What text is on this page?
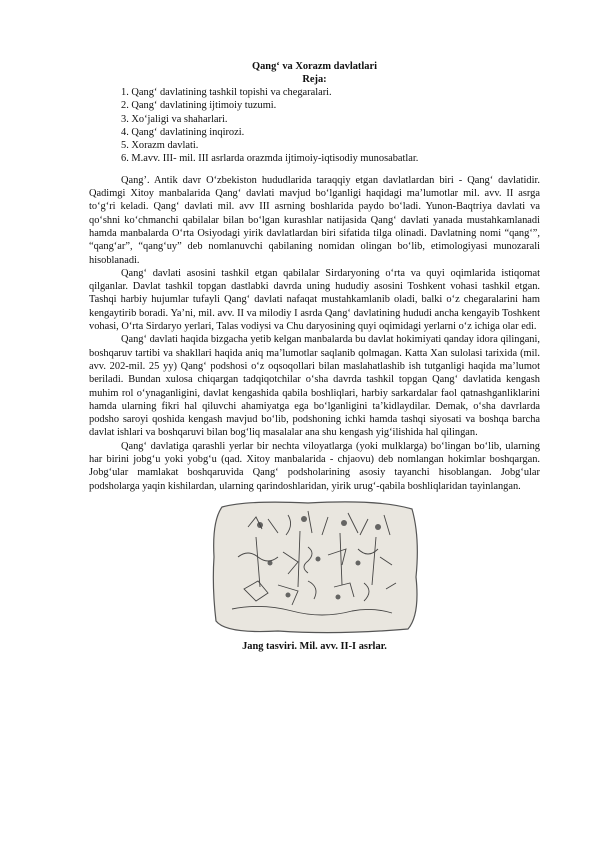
Qang‘ va Xorazm davlatlari

Reja:

1. Qang‘ davlatining tashkil topishi va chegaralari.
2. Qang‘ davlatining ijtimoiy tuzumi.
3. Xo‘jaligi va shaharlari.
4. Qang‘ davlatining inqirozi.
5. Xorazm davlati.
6. M.avv. III- mil. III asrlarda orazmda ijtimoiy-iqtisodiy munosabatlar.

Qang’. Antik davr O‘zbekiston hududlarida taraqqiy etgan davlatlardan biri - Qang‘ davlatidir. Qadimgi Xitoy manbalarida Qang‘ davlati mavjud bo‘lganligi haqidagi ma’lumotlar mil. avv. II asrga to‘g‘ri keladi. Qang‘ davlati mil. avv III asrning boshlarida paydo bo‘ladi. Yunon-Baqtriya davlati va qo‘shni ko‘chmanchi qabilalar bilan bo‘lgan kurashlar natijasida Qang‘ davlati yanada mustahkamlanadi hamda manbalarda O‘rta Osiyodagi yirik davlatlardan biri sifatida tilga olinadi. Davlatning nomi “qang‘”, “qang‘ar”, “qang‘uy” deb nomlanuvchi qabilaning nomidan olingan bo‘lib, etimologiyasi munozarali hisoblanadi.

Qang‘ davlati asosini tashkil etgan qabilalar Sirdaryoning o‘rta va quyi oqimlarida istiqomat qilganlar. Davlat tashkil topgan dastlabki davrda uning hududiy asosini Toshkent vohasi tashkil etgan. Tashqi harbiy hujumlar tufayli Qang‘ davlati nafaqat mustahkamlanib oladi, balki o‘z chegaralarini ham kengaytirib boradi. Ya’ni, mil. avv. II va milodiy I asrda Qang‘ davlatining hududi ancha kengayib Toshkent vohasi, O‘rta Sirdaryo yerlari, Talas vodiysi va Chu daryosining quyi oqimidagi yerlarni o‘z ichiga olar edi.

Qang‘ davlati haqida bizgacha yetib kelgan manbalarda bu davlat hokimiyati qanday idora qilingani, boshqaruv tartibi va shakllari haqida aniq ma’lumotlar saqlanib qolmagan. Katta Xan sulolasi tarixida (mil. avv. 202-mil. 25 yy) Qang‘ podshosi o‘z oqsoqollari bilan maslahatlashib ish tutganligi haqida ma’lumot beriladi. Bundan xulosa chiqargan tadqiqotchilar o‘sha davrda tashkil topgan Qang‘ davlatida kengash muhim rol o‘ynaganligini, davlat kengashida qabila boshliqlari, harbiy sarkardalar faol qatnashganliklarini hamda ularning fikri hal qiluvchi ahamiyatga ega bo‘lganligini ta’kidlaydilar. Demak, o‘sha davrlarda podsho saroyi qoshida kengash mavjud bo‘lib, podshoning ichki hamda tashqi siyosati va boshqa barcha davlat ishlari va boshqaruvi bilan bog‘liq masalalar ana shu kengash yig‘ilishida hal qilingan.

Qang‘ davlatiga qarashli yerlar bir nechta viloyatlarga (yoki mulklarga) bo‘lingan bo‘lib, ularning har birini jobg‘u yoki yobg‘u (qad. Xitoy manbalarida - chjaovu) deb nomlangan hokimlar boshqargan. Jobg‘ular mamlakat boshqaruvida Qang‘ podsholarining asosiy tayanchi hisoblangan. Jobg‘ular podsholarga yaqin kishilardan, ularning qarindoshlaridan, yirik urug‘-qabila boshliqlaridan tayinlangan.

Jang tasviri. Mil. avv. II-I asrlar.
